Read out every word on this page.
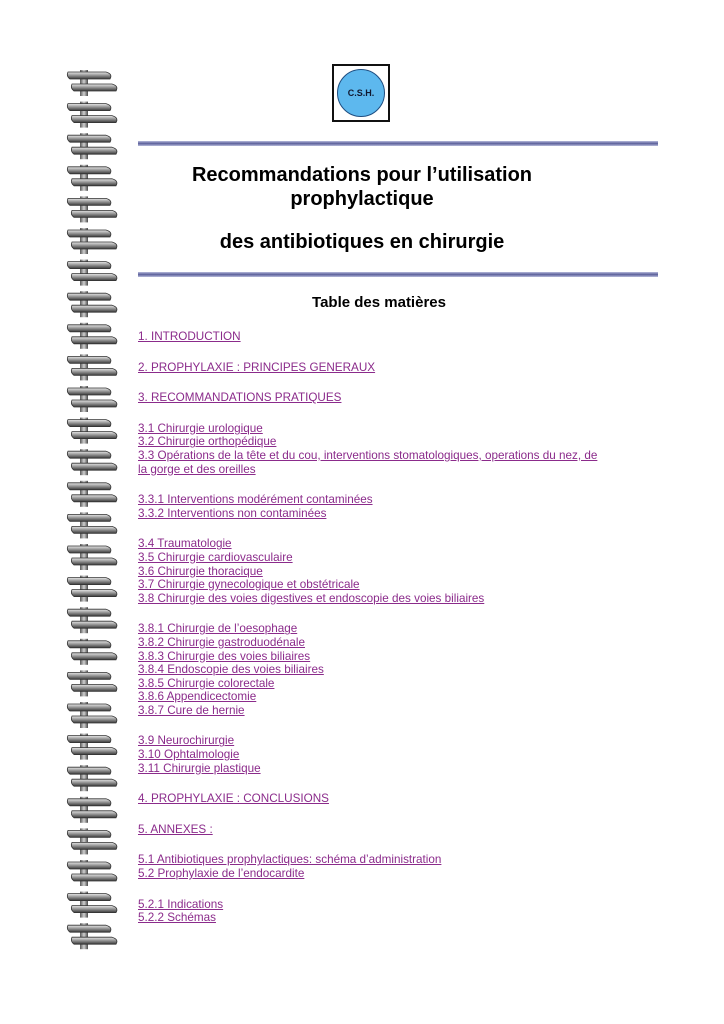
C.S.H.
Recommandations pour l’utilisation
prophylactique
des antibiotiques en chirurgie
Table des matières
1. INTRODUCTION
2. PROPHYLAXIE : PRINCIPES GENERAUX
3. RECOMMANDATIONS PRATIQUES
3.1 Chirurgie urologique
3.2 Chirurgie orthopédique
3.3 Opérations de la tête et du cou, interventions stomatologiques, operations du nez, de la gorge et des oreilles
3.3.1 Interventions modérément contaminées
3.3.2 Interventions non contaminées
3.4 Traumatologie
3.5 Chirurgie cardiovasculaire
3.6 Chirurgie thoracique
3.7 Chirurgie gynecologique et obstétricale
3.8 Chirurgie des voies digestives et endoscopie des voies biliaires
3.8.1 Chirurgie de l’oesophage
3.8.2 Chirurgie gastroduodénale
3.8.3 Chirurgie des voies biliaires
3.8.4 Endoscopie des voies biliaires
3.8.5 Chirurgie colorectale
3.8.6 Appendicectomie
3.8.7 Cure de hernie
3.9 Neurochirurgie
3.10 Ophtalmologie
3.11 Chirurgie plastique
4. PROPHYLAXIE : CONCLUSIONS
5. ANNEXES :
5.1 Antibiotiques prophylactiques: schéma d’administration
5.2 Prophylaxie de l’endocardite
5.2.1 Indications
5.2.2 Schémas
